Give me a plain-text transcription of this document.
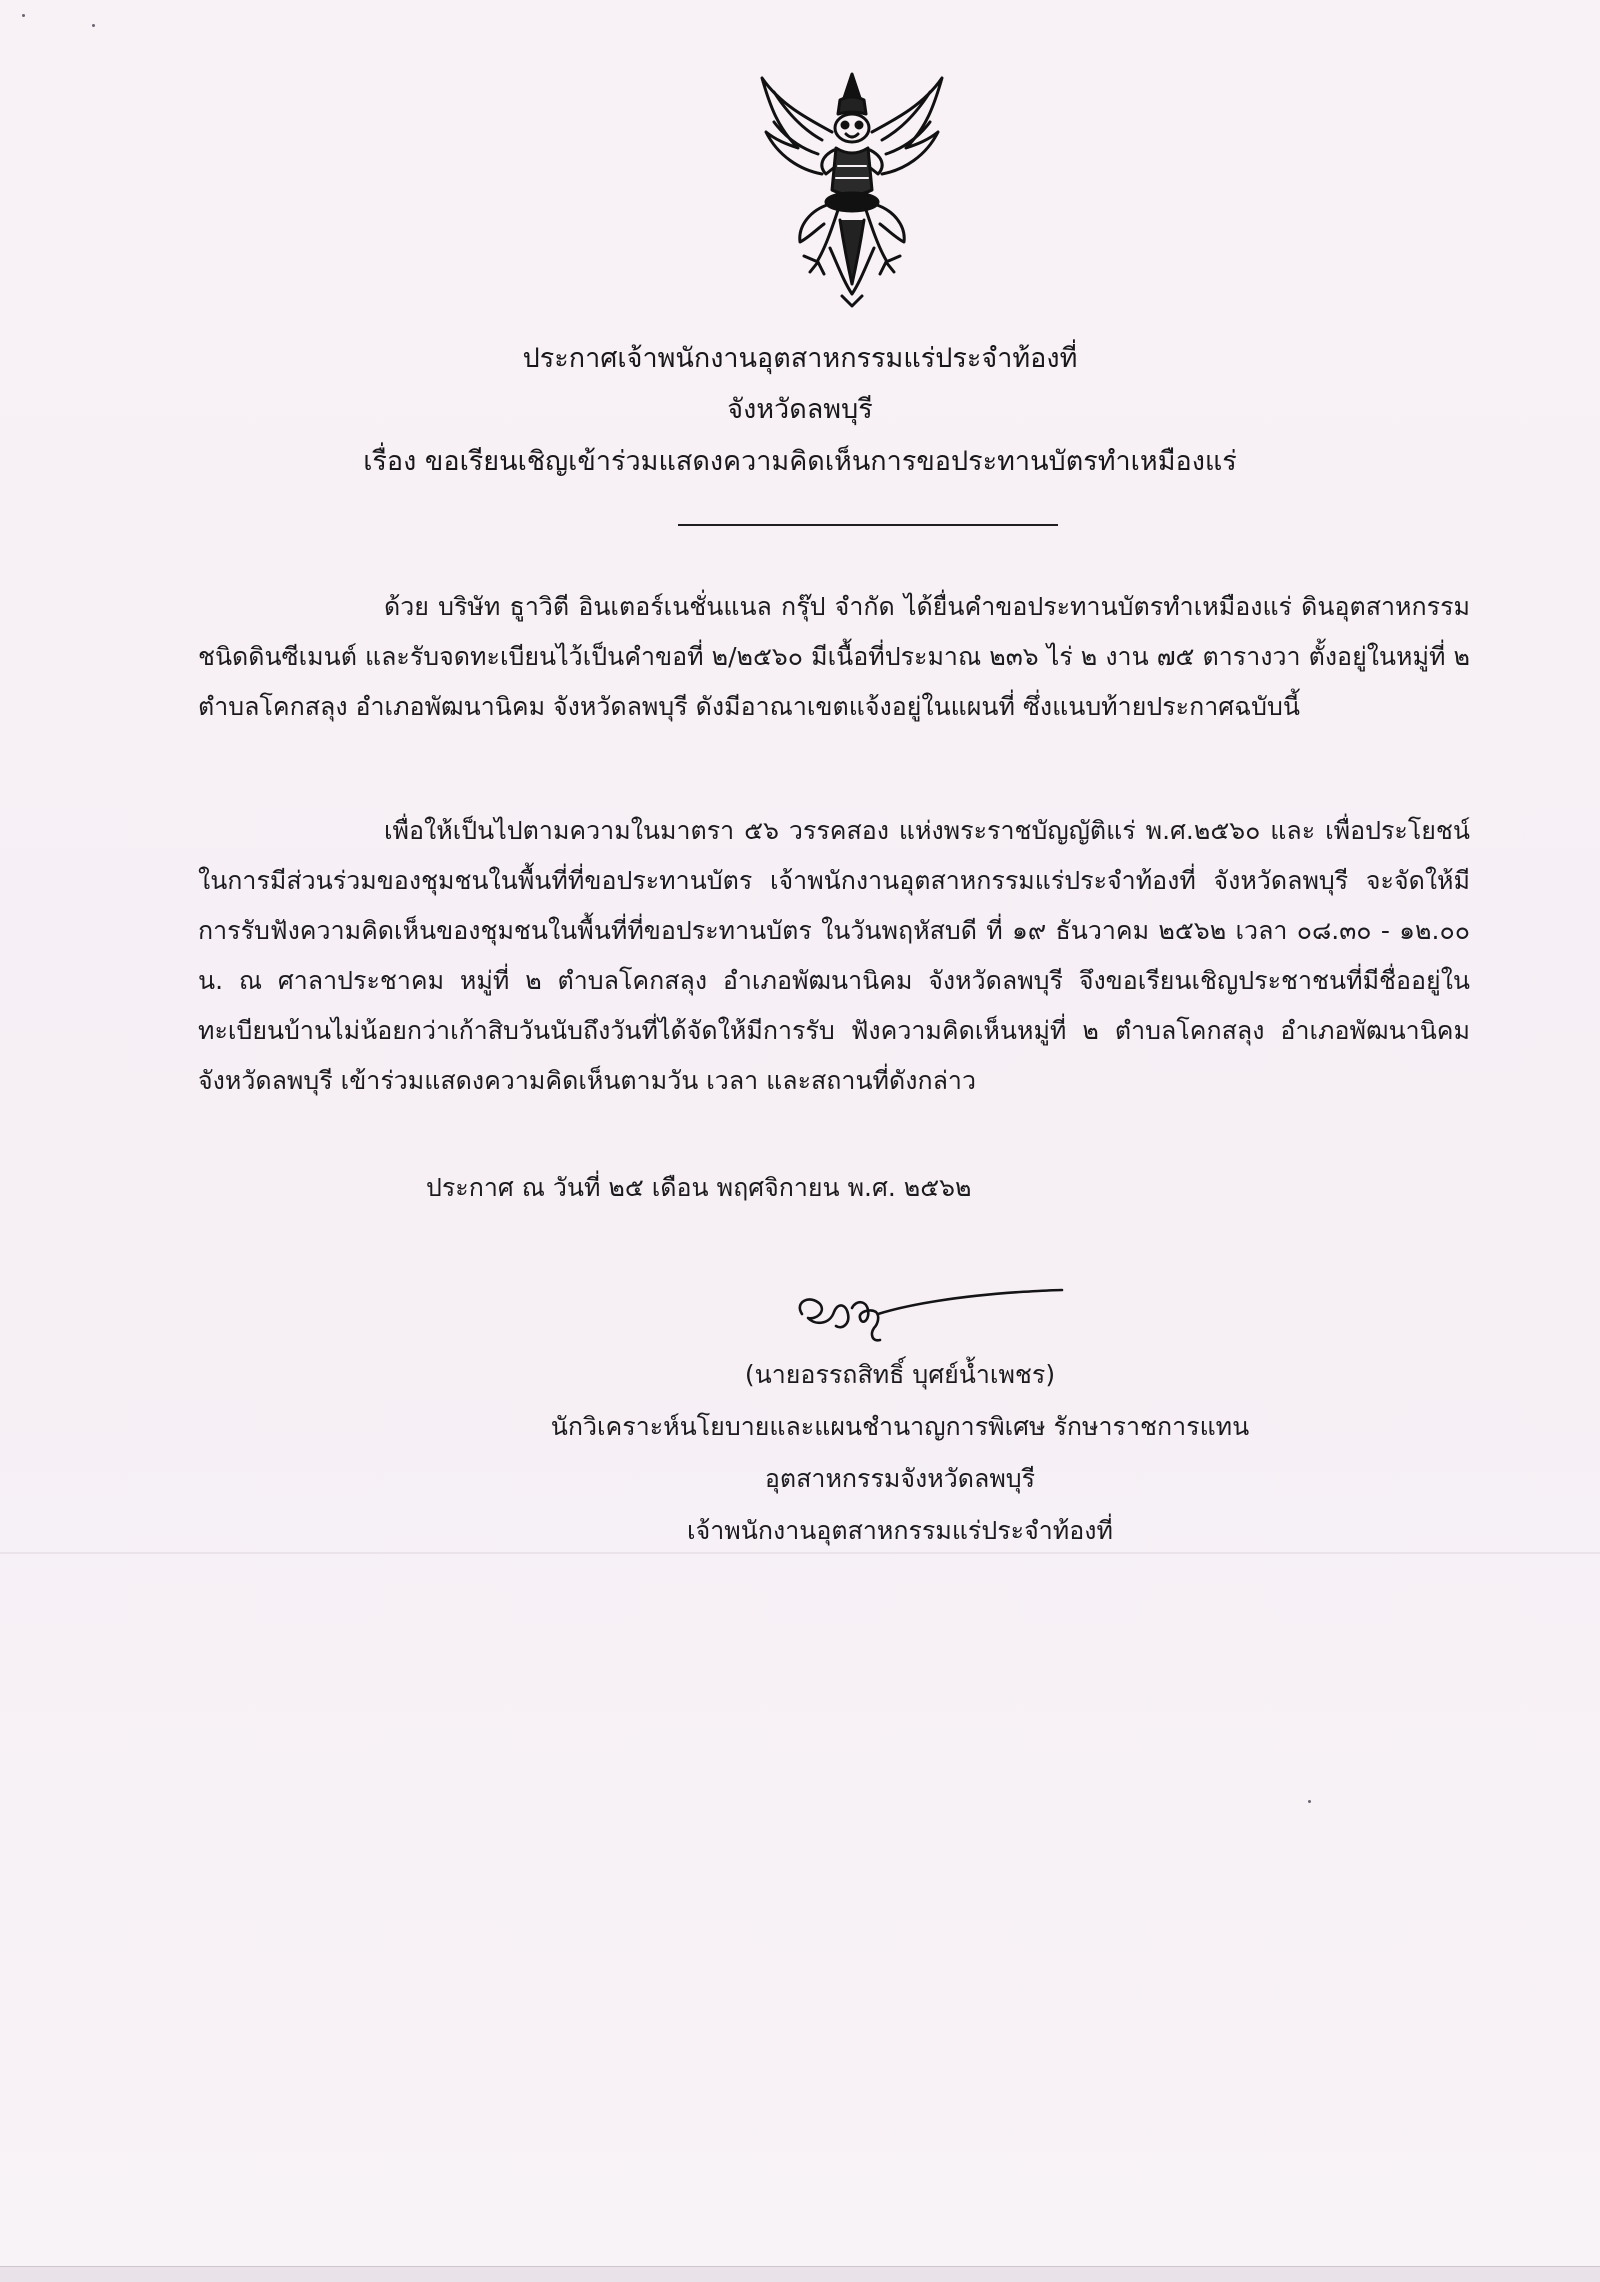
ประกาศเจ้าพนักงานอุตสาหกรรมแร่ประจำท้องที่
จังหวัดลพบุรี
เรื่อง ขอเรียนเชิญเข้าร่วมแสดงความคิดเห็นการขอประทานบัตรทำเหมืองแร่
ด้วย บริษัท ธูาวิตี อินเตอร์เนชั่นแนล กรุ๊ป จำกัด ได้ยื่นคำขอประทานบัตรทำเหมืองแร่ ดินอุตสาหกรรมชนิดดินซีเมนต์ และรับจดทะเบียนไว้เป็นคำขอที่ ๒/๒๕๖๐ มีเนื้อที่ประมาณ ๒๓๖ ไร่ ๒ งาน ๗๕ ตารางวา ตั้งอยู่ในหมู่ที่ ๒ ตำบลโคกสลุง อำเภอพัฒนานิคม จังหวัดลพบุรี ดังมีอาณาเขตแจ้งอยู่ในแผนที่ ซึ่งแนบท้ายประกาศฉบับนี้
เพื่อให้เป็นไปตามความในมาตรา ๕๖ วรรคสอง แห่งพระราชบัญญัติแร่ พ.ศ.๒๕๖๐ และ เพื่อประโยชน์ในการมีส่วนร่วมของชุมชนในพื้นที่ที่ขอประทานบัตร เจ้าพนักงานอุตสาหกรรมแร่ประจำท้องที่ จังหวัดลพบุรี จะจัดให้มีการรับฟังความคิดเห็นของชุมชนในพื้นที่ที่ขอประทานบัตร ในวันพฤหัสบดี ที่ ๑๙ ธันวาคม ๒๕๖๒ เวลา ๐๘.๓๐ - ๑๒.๐๐ น. ณ ศาลาประชาคม หมู่ที่ ๒ ตำบลโคกสลุง อำเภอพัฒนานิคม จังหวัดลพบุรี จึงขอเรียนเชิญประชาชนที่มีชื่ออยู่ในทะเบียนบ้านไม่น้อยกว่าเก้าสิบวันนับถึงวันที่ได้จัดให้มีการรับ ฟังความคิดเห็นหมู่ที่ ๒ ตำบลโคกสลุง อำเภอพัฒนานิคม จังหวัดลพบุรี เข้าร่วมแสดงความคิดเห็นตามวัน เวลา และสถานที่ดังกล่าว
ประกาศ ณ วันที่ ๒๕ เดือน พฤศจิกายน พ.ศ. ๒๕๖๒
(นายอรรถสิทธิ์ บุศย์น้ำเพชร)
นักวิเคราะห์นโยบายและแผนชำนาญการพิเศษ รักษาราชการแทน
อุตสาหกรรมจังหวัดลพบุรี
เจ้าพนักงานอุตสาหกรรมแร่ประจำท้องที่
